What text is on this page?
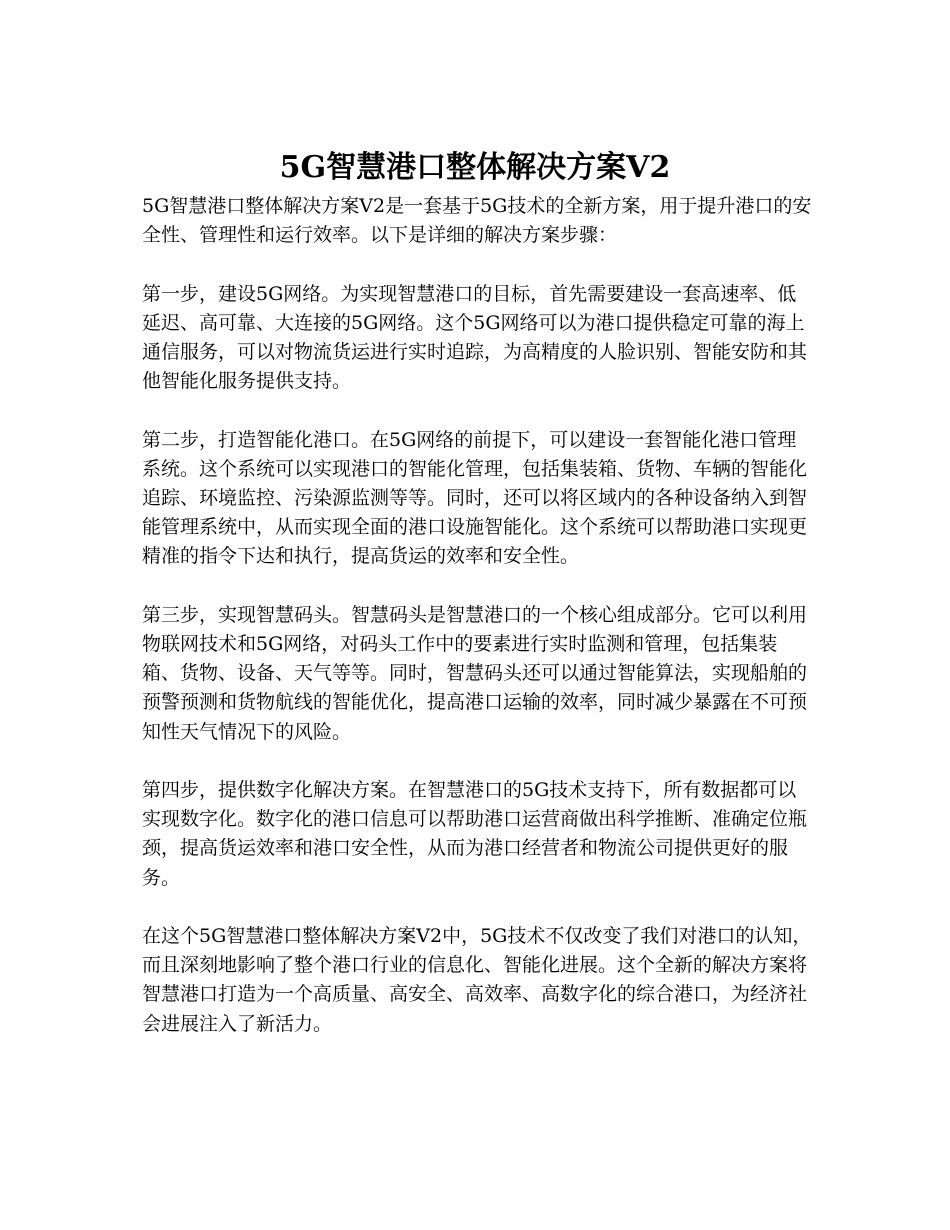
5G智慧港口整体解决方案V2

5G智慧港口整体解决方案V2是一套基于5G技术的全新方案，用于提升港口的安全性、管理性和运行效率。以下是详细的解决方案步骤：

第一步，建设5G网络。为实现智慧港口的目标，首先需要建设一套高速率、低延迟、高可靠、大连接的5G网络。这个5G网络可以为港口提供稳定可靠的海上通信服务，可以对物流货运进行实时追踪，为高精度的人脸识别、智能安防和其他智能化服务提供支持。

第二步，打造智能化港口。在5G网络的前提下，可以建设一套智能化港口管理系统。这个系统可以实现港口的智能化管理，包括集装箱、货物、车辆的智能化追踪、环境监控、污染源监测等等。同时，还可以将区域内的各种设备纳入到智能管理系统中，从而实现全面的港口设施智能化。这个系统可以帮助港口实现更精准的指令下达和执行，提高货运的效率和安全性。

第三步，实现智慧码头。智慧码头是智慧港口的一个核心组成部分。它可以利用物联网技术和5G网络，对码头工作中的要素进行实时监测和管理，包括集装箱、货物、设备、天气等等。同时，智慧码头还可以通过智能算法，实现船舶的预警预测和货物航线的智能优化，提高港口运输的效率，同时减少暴露在不可预知性天气情况下的风险。

第四步，提供数字化解决方案。在智慧港口的5G技术支持下，所有数据都可以实现数字化。数字化的港口信息可以帮助港口运营商做出科学推断、准确定位瓶颈，提高货运效率和港口安全性，从而为港口经营者和物流公司提供更好的服务。

在这个5G智慧港口整体解决方案V2中，5G技术不仅改变了我们对港口的认知，而且深刻地影响了整个港口行业的信息化、智能化进展。这个全新的解决方案将智慧港口打造为一个高质量、高安全、高效率、高数字化的综合港口，为经济社会进展注入了新活力。
